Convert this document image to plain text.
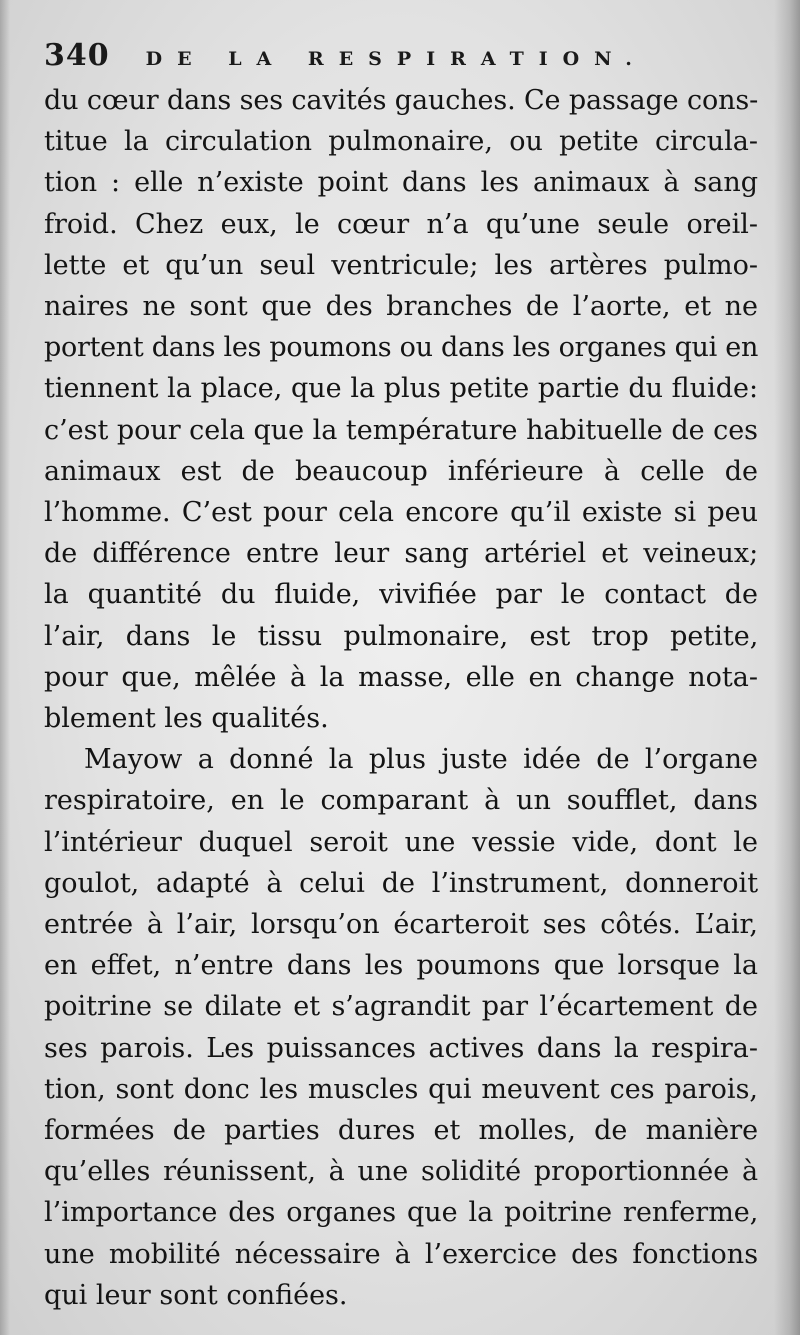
340 DE LA RESPIRATION.
du cœur dans ses cavités gauches. Ce passage cons-
titue la circulation pulmonaire, ou petite circula-
tion : elle n’existe point dans les animaux à sang
froid. Chez eux, le cœur n’a qu’une seule oreil-
lette et qu’un seul ventricule; les artères pulmo-
naires ne sont que des branches de l’aorte, et ne
portent dans les poumons ou dans les organes qui en
tiennent la place, que la plus petite partie du fluide:
c’est pour cela que la température habituelle de ces
animaux est de beaucoup inférieure à celle de
l’homme. C’est pour cela encore qu’il existe si peu
de différence entre leur sang artériel et veineux;
la quantité du fluide, vivifiée par le contact de
l’air, dans le tissu pulmonaire, est trop petite,
pour que, mêlée à la masse, elle en change nota-
blement les qualités.
Mayow a donné la plus juste idée de l’organe
respiratoire, en le comparant à un soufflet, dans
l’intérieur duquel seroit une vessie vide, dont le
goulot, adapté à celui de l’instrument, donneroit
entrée à l’air, lorsqu’on écarteroit ses côtés. L’air,
en effet, n’entre dans les poumons que lorsque la
poitrine se dilate et s’agrandit par l’écartement de
ses parois. Les puissances actives dans la respira-
tion, sont donc les muscles qui meuvent ces parois,
formées de parties dures et molles, de manière
qu’elles réunissent, à une solidité proportionnée à
l’importance des organes que la poitrine renferme,
une mobilité nécessaire à l’exercice des fonctions
qui leur sont confiées.
